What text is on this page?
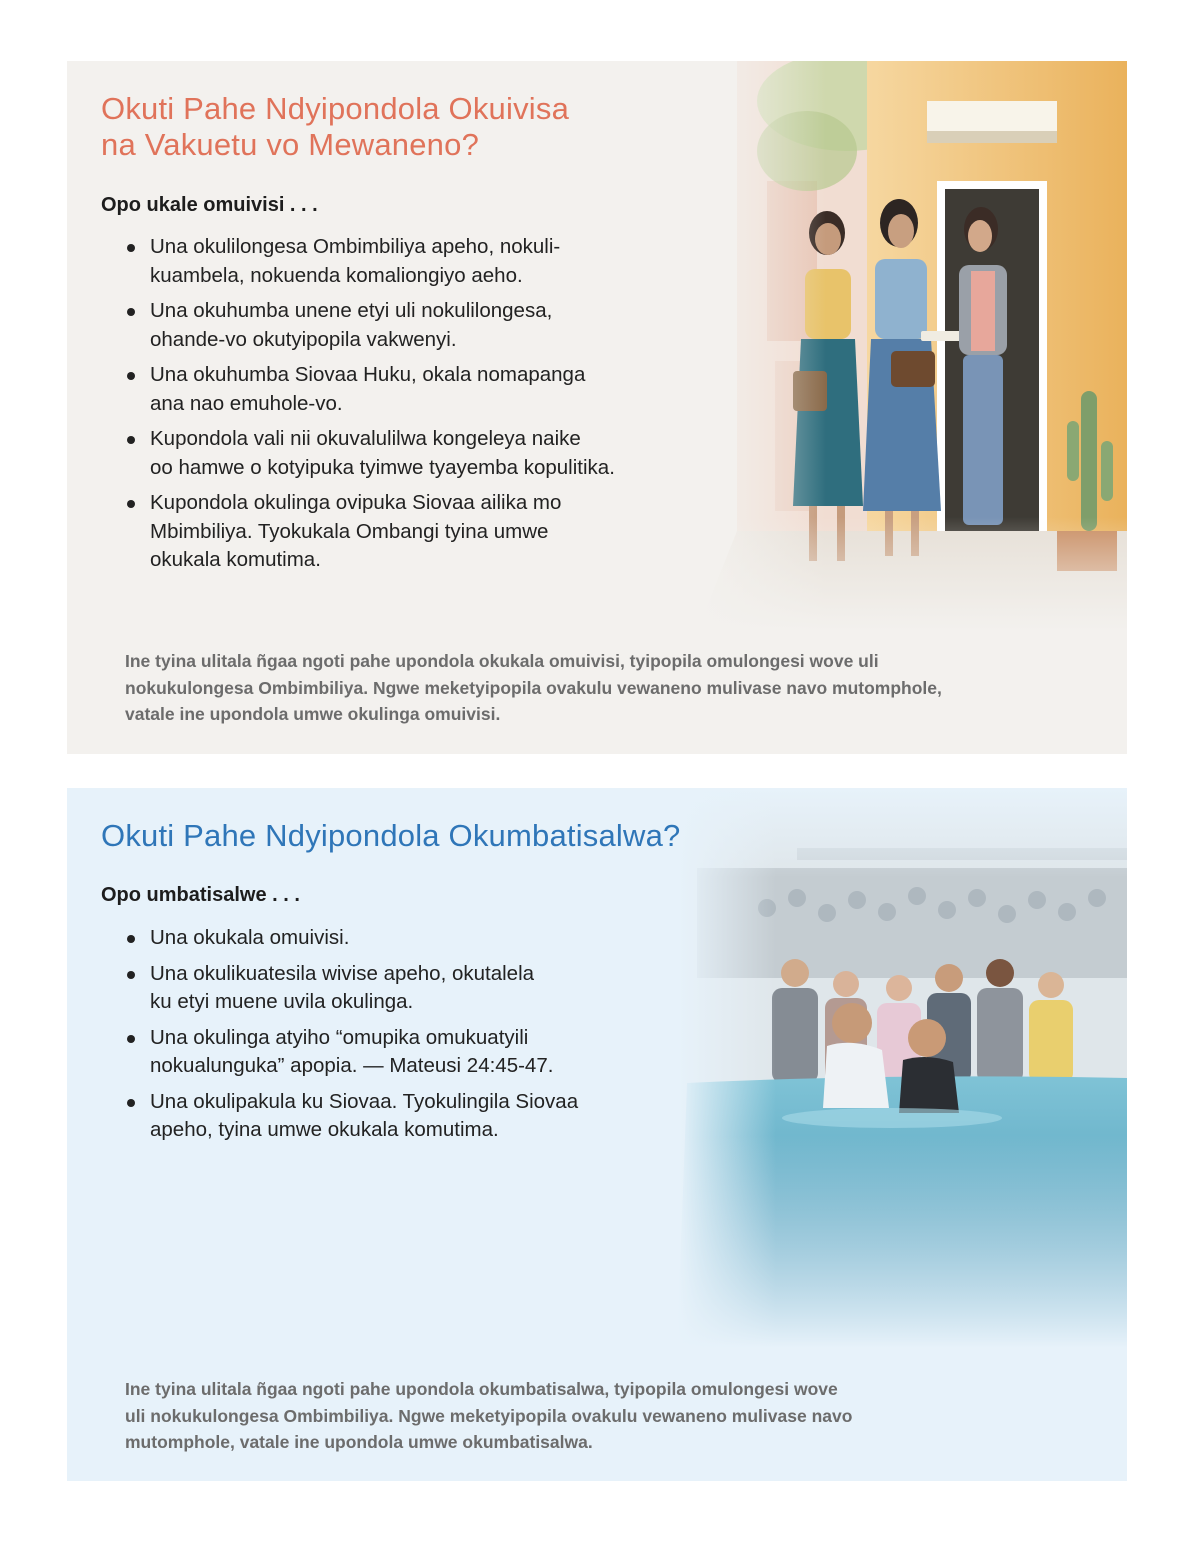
Okuti Pahe Ndyipondola Okuivisa
na Vakuetu vo Mewaneno?

Opo ukale omuivisi . . .

Una okulilongesa Ombimbiliya apeho, nokuli-
kuambela, nokuenda komaliongiyo aeho.
Una okuhumba unene etyi uli nokulilongesa,
ohande-vo okutyipopila vakwenyi.
Una okuhumba Siovaa Huku, okala nomapanga
ana nao emuhole-vo.
Kupondola vali nii okuvalulilwa kongeleya naike
oo hamwe o kotyipuka tyimwe tyayemba kopulitika.
Kupondola okulinga ovipuka Siovaa ailika mo
Mbimbiliya. Tyokukala Ombangi tyina umwe
okukala komutima.

Ine tyina ulitala ñgaa ngoti pahe upondola okukala omuivisi, tyipopila omulongesi wove uli
nokukulongesa Ombimbiliya. Ngwe meketyipopila ovakulu vewaneno mulivase navo mutomphole,
vatale ine upondola umwe okulinga omuivisi.

Okuti Pahe Ndyipondola Okumbatisalwa?

Opo umbatisalwe . . .

Una okukala omuivisi.
Una okulikuatesila wivise apeho, okutalela
ku etyi muene uvila okulinga.
Una okulinga atyiho “omupika omukuatyili
nokualunguka” apopia. — Mateusi 24:45-47.
Una okulipakula ku Siovaa. Tyokulingila Siovaa
apeho, tyina umwe okukala komutima.

Ine tyina ulitala ñgaa ngoti pahe upondola okumbatisalwa, tyipopila omulongesi wove
uli nokukulongesa Ombimbiliya. Ngwe meketyipopila ovakulu vewaneno mulivase navo
mutomphole, vatale ine upondola umwe okumbatisalwa.
